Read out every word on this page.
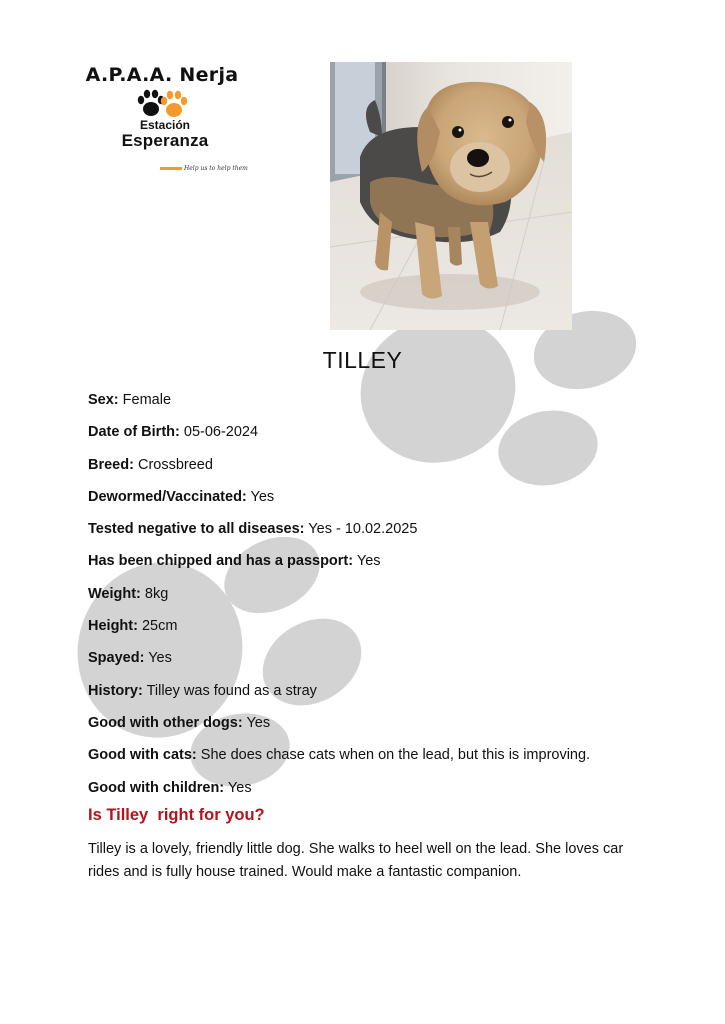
A.P.A.A. Nerja
Estación
Esperanza
Help us to help them
TILLEY
Sex: Female
Date of Birth: 05-06-2024
Breed: Crossbreed
Dewormed/Vaccinated: Yes
Tested negative to all diseases: Yes - 10.02.2025
Has been chipped and has a passport: Yes
Weight: 8kg
Height: 25cm
Spayed: Yes
History: Tilley was found as a stray
Good with other dogs: Yes
Good with cats: She does chase cats when on the lead, but this is improving.
Good with children: Yes
Is Tilley  right for you?
Tilley is a lovely, friendly little dog. She walks to heel well on the lead. She loves car rides and is fully house trained. Would make a fantastic companion.
